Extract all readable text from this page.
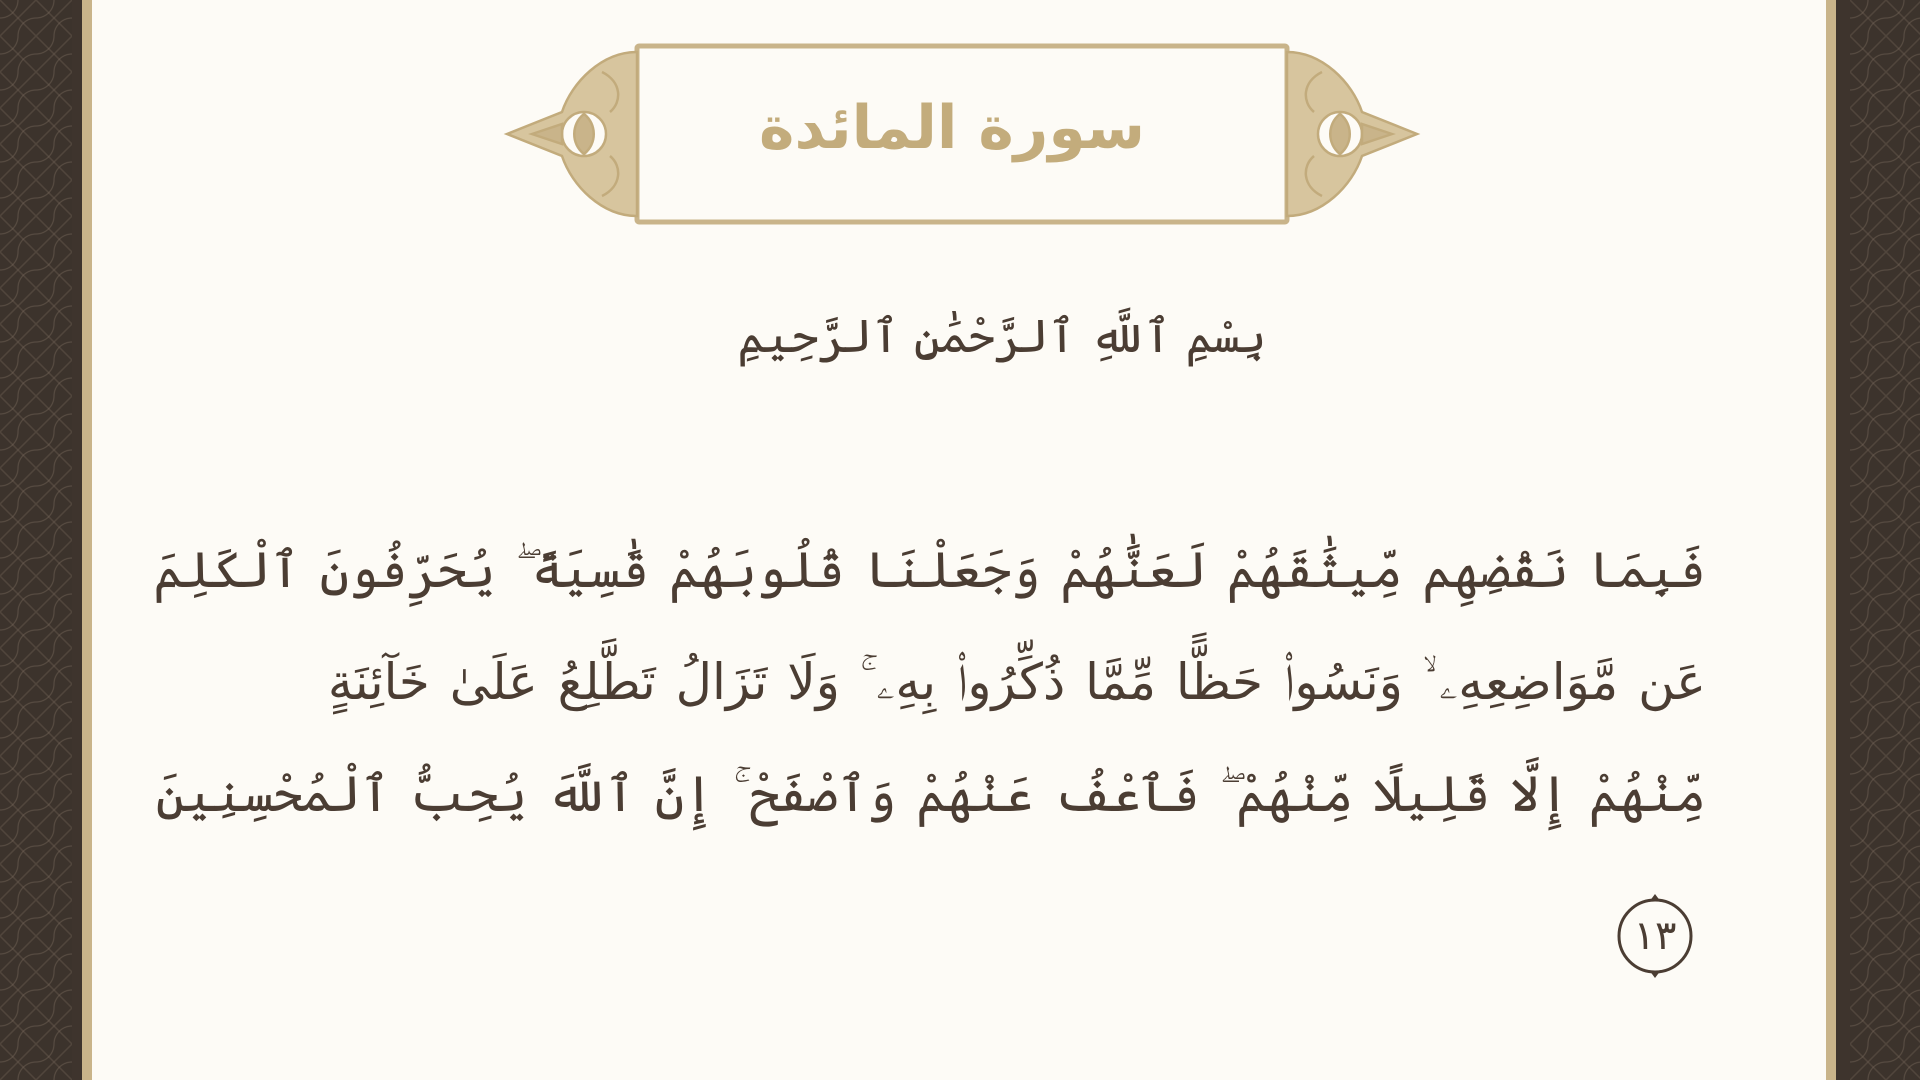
سورة المائدة
بِسْمِ ٱللَّهِ ٱلرَّحْمَٰنِ ٱلرَّحِيمِ
فَبِمَا نَقْضِهِم مِّيثَٰقَهُمْ لَعَنَّٰهُمْ وَجَعَلْنَا قُلُوبَهُمْ قَٰسِيَةً ۖ يُحَرِّفُونَ ٱلْكَلِمَ
عَن مَّوَاضِعِهِۦ ۙ وَنَسُوا۟ حَظًّا مِّمَّا ذُكِّرُوا۟ بِهِۦ ۚ وَلَا تَزَالُ تَطَّلِعُ عَلَىٰ خَآئِنَةٍ
مِّنْهُمْ إِلَّا قَلِيلًا مِّنْهُمْ ۖ فَٱعْفُ عَنْهُمْ وَٱصْفَحْ ۚ إِنَّ ٱللَّهَ يُحِبُّ ٱلْمُحْسِنِينَ
١٣
